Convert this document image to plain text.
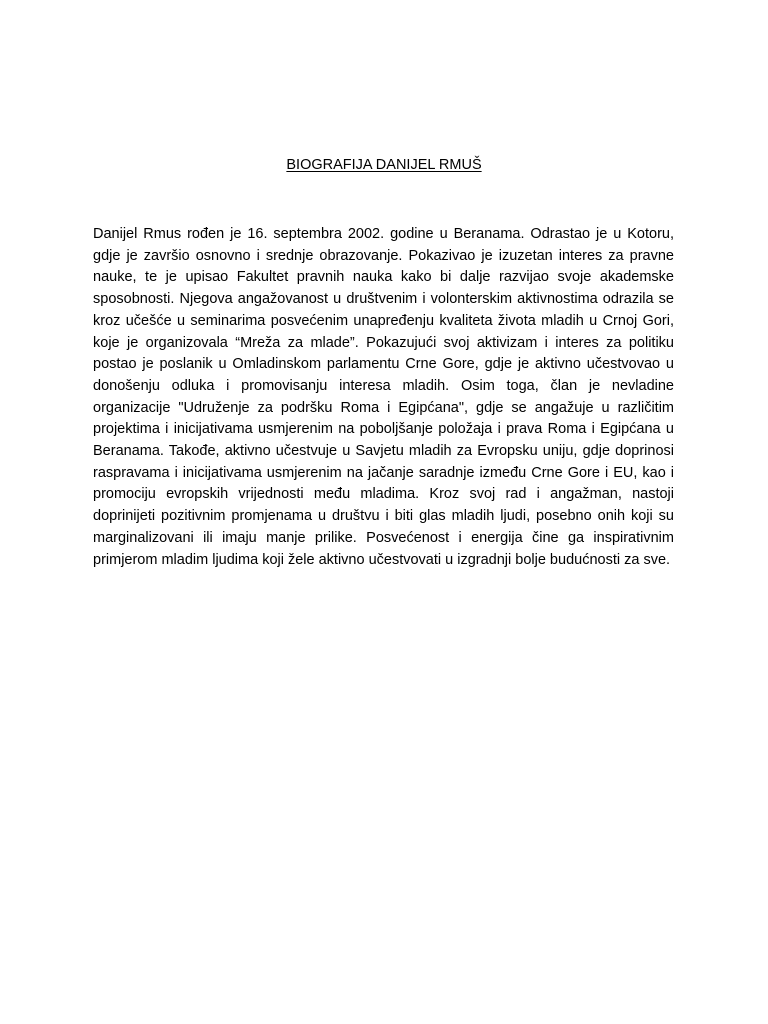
BIOGRAFIJA DANIJEL RMUŠ

Danijel Rmus rođen je 16. septembra 2002. godine u Beranama. Odrastao je u Kotoru, gdje je završio osnovno i srednje obrazovanje. Pokazivao je izuzetan interes za pravne nauke, te je upisao Fakultet pravnih nauka kako bi dalje razvijao svoje akademske sposobnosti. Njegova angažovanost u društvenim i volonterskim aktivnostima odrazila se kroz učešće u seminarima posvećenim unapređenju kvaliteta života mladih u Crnoj Gori, koje je organizovala “Mreža za mlade”. Pokazujući svoj aktivizam i interes za politiku postao je poslanik u Omladinskom parlamentu Crne Gore, gdje je aktivno učestvovao u donošenju odluka i promovisanju interesa mladih. Osim toga, član je nevladine organizacije "Udruženje za podršku Roma i Egipćana", gdje se angažuje u različitim projektima i inicijativama usmjerenim na poboljšanje položaja i prava Roma i Egipćana u Beranama. Takođe, aktivno učestvuje u Savjetu mladih za Evropsku uniju, gdje doprinosi raspravama i inicijativama usmjerenim na jačanje saradnje između Crne Gore i EU, kao i promociju evropskih vrijednosti među mladima. Kroz svoj rad i angažman, nastoji doprinijeti pozitivnim promjenama u društvu i biti glas mladih ljudi, posebno onih koji su marginalizovani ili imaju manje prilike. Posvećenost i energija čine ga inspirativnim primjerom mladim ljudima koji žele aktivno učestvovati u izgradnji bolje budućnosti za sve.
